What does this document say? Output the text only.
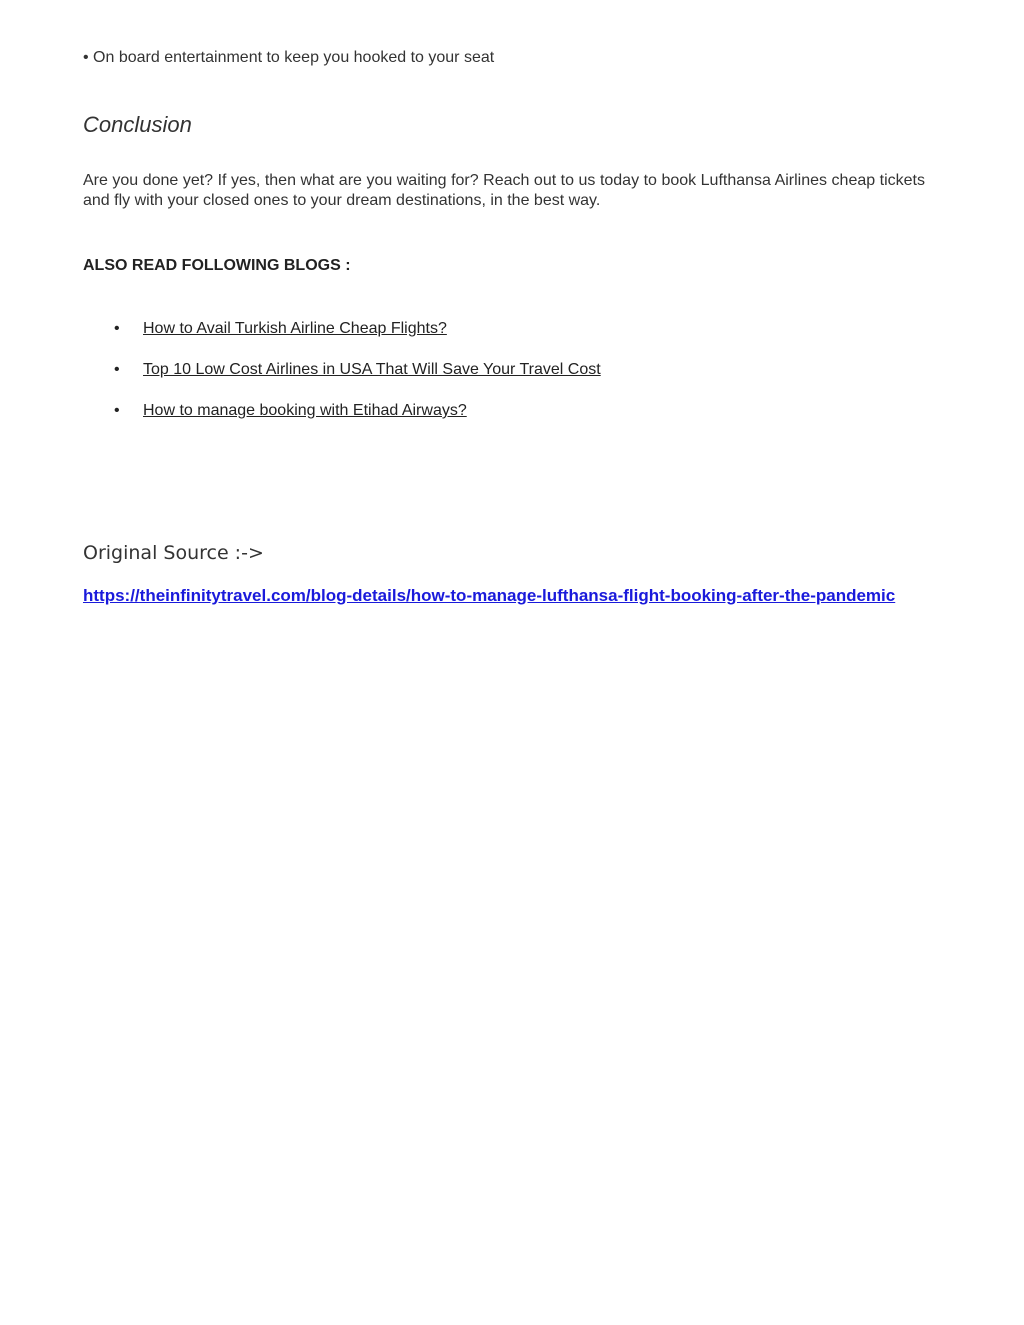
• On board entertainment to keep you hooked to your seat
Conclusion
Are you done yet? If yes, then what are you waiting for? Reach out to us today to book Lufthansa Airlines cheap tickets and fly with your closed ones to your dream destinations, in the best way.
ALSO READ FOLLOWING BLOGS :
• How to Avail Turkish Airline Cheap Flights?
• Top 10 Low Cost Airlines in USA That Will Save Your Travel Cost
• How to manage booking with Etihad Airways?
Original Source :->
https://theinfinitytravel.com/blog-details/how-to-manage-lufthansa-flight-booking-after-the-pandemic
